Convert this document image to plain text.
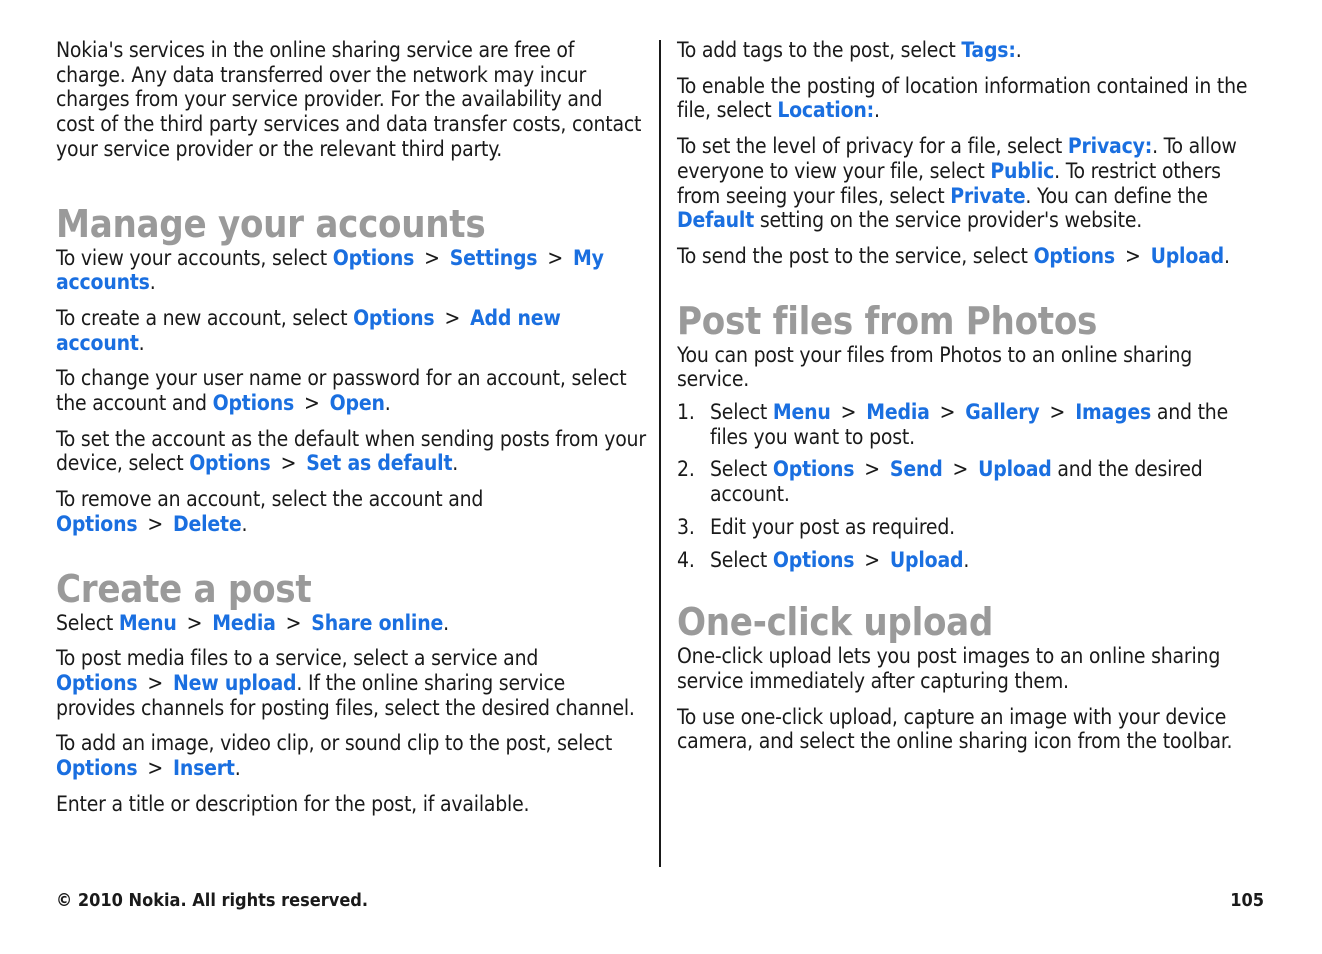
Nokia's services in the online sharing service are free of charge. Any data transferred over the network may incur charges from your service provider. For the availability and cost of the third party services and data transfer costs, contact your service provider or the relevant third party.

Manage your accounts

To view your accounts, select Options > Settings > My accounts.

To create a new account, select Options > Add new account.

To change your user name or password for an account, select the account and Options > Open.

To set the account as the default when sending posts from your device, select Options > Set as default.

To remove an account, select the account and Options > Delete.

Create a post

Select Menu > Media > Share online.

To post media files to a service, select a service and Options > New upload. If the online sharing service provides channels for posting files, select the desired channel.

To add an image, video clip, or sound clip to the post, select Options > Insert.

Enter a title or description for the post, if available.

To add tags to the post, select Tags:.

To enable the posting of location information contained in the file, select Location:.

To set the level of privacy for a file, select Privacy:. To allow everyone to view your file, select Public. To restrict others from seeing your files, select Private. You can define the Default setting on the service provider's website.

To send the post to the service, select Options > Upload.

Post files from Photos

You can post your files from Photos to an online sharing service.

1. Select Menu > Media > Gallery > Images and the files you want to post.
2. Select Options > Send > Upload and the desired account.
3. Edit your post as required.
4. Select Options > Upload.
One-click upload

One-click upload lets you post images to an online sharing service immediately after capturing them.

To use one-click upload, capture an image with your device camera, and select the online sharing icon from the toolbar.

© 2010 Nokia. All rights reserved.	105
